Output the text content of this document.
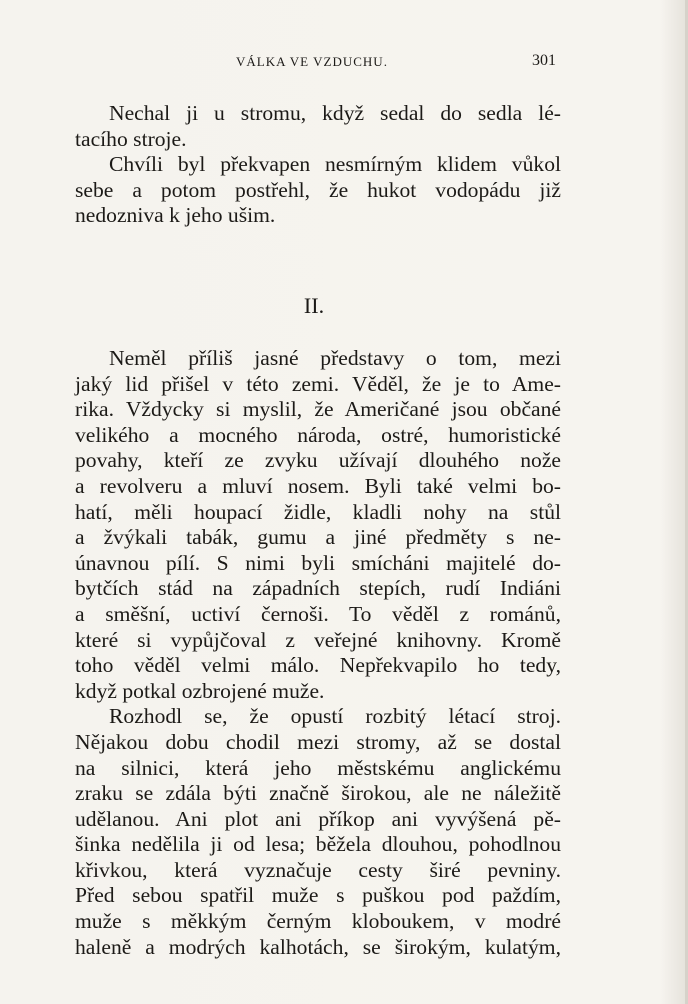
VÁLKA VE VZDUCHU.	301
Nechal ji u stromu, když sedal do sedla lé-
tacího stroje.
Chvíli byl překvapen nesmírným klidem vůkol
sebe a potom postřehl, že hukot vodopádu již
nedozniva k jeho ušim.
II.
Neměl příliš jasné představy o tom, mezi
jaký lid přišel v této zemi. Věděl, že je to Ame-
rika. Vždycky si myslil, že Američané jsou občané
velikého a mocného národa, ostré, humoristické
povahy, kteří ze zvyku užívají dlouhého nože
a revolveru a mluví nosem. Byli také velmi bo-
hatí, měli houpací židle, kladli nohy na stůl
a žvýkali tabák, gumu a jiné předměty s ne-
únavnou pílí. S nimi byli smícháni majitelé do-
bytčích stád na západních stepích, rudí Indiáni
a směšní, uctiví černoši. To věděl z románů,
které si vypůjčoval z veřejné knihovny. Kromě
toho věděl velmi málo. Nepřekvapilo ho tedy,
když potkal ozbrojené muže.
Rozhodl se, že opustí rozbitý létací stroj.
Nějakou dobu chodil mezi stromy, až se dostal
na silnici, která jeho městskému anglickému
zraku se zdála býti značně širokou, ale ne náležitě
udělanou. Ani plot ani příkop ani vyvýšená pě-
šinka nedělila ji od lesa; běžela dlouhou, pohodlnou
křivkou, která vyznačuje cesty širé pevniny.
Před sebou spatřil muže s puškou pod paždím,
muže s měkkým černým kloboukem, v modré
haleně a modrých kalhotách, se širokým, kulatým,
